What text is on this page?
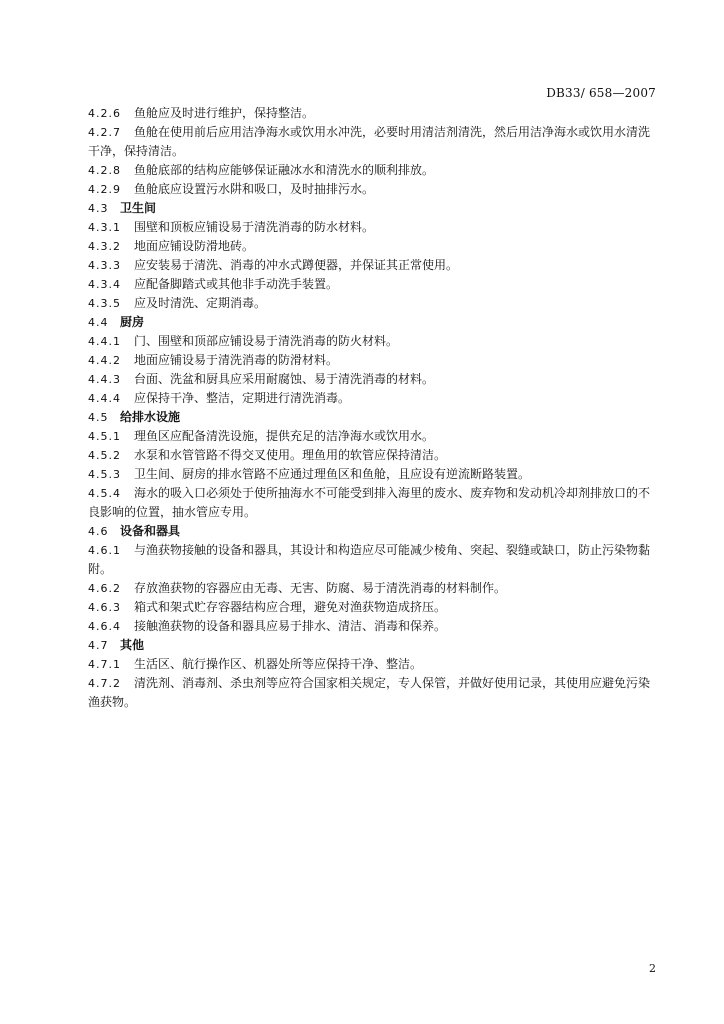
DB33/ 658—2007
4.2.6 鱼舱应及时进行维护，保持整洁。
4.2.7 鱼舱在使用前后应用洁净海水或饮用水冲洗，必要时用清洁剂清洗，然后用洁净海水或饮用水清洗干净，保持清洁。
4.2.8 鱼舱底部的结构应能够保证融冰水和清洗水的顺利排放。
4.2.9 鱼舱底应设置污水阱和吸口，及时抽排污水。
4.3 卫生间
4.3.1 围壁和顶板应铺设易于清洗消毒的防水材料。
4.3.2 地面应铺设防滑地砖。
4.3.3 应安装易于清洗、消毒的冲水式蹲便器，并保证其正常使用。
4.3.4 应配备脚踏式或其他非手动洗手装置。
4.3.5 应及时清洗、定期消毒。
4.4 厨房
4.4.1 门、围壁和顶部应铺设易于清洗消毒的防火材料。
4.4.2 地面应铺设易于清洗消毒的防滑材料。
4.4.3 台面、洗盆和厨具应采用耐腐蚀、易于清洗消毒的材料。
4.4.4 应保持干净、整洁，定期进行清洗消毒。
4.5 给排水设施
4.5.1 理鱼区应配备清洗设施，提供充足的洁净海水或饮用水。
4.5.2 水泵和水管管路不得交叉使用。理鱼用的软管应保持清洁。
4.5.3 卫生间、厨房的排水管路不应通过理鱼区和鱼舱，且应设有逆流断路装置。
4.5.4 海水的吸入口必须处于使所抽海水不可能受到排入海里的废水、废弃物和发动机冷却剂排放口的不良影响的位置，抽水管应专用。
4.6 设备和器具
4.6.1 与渔获物接触的设备和器具，其设计和构造应尽可能减少棱角、突起、裂缝或缺口，防止污染物黏附。
4.6.2 存放渔获物的容器应由无毒、无害、防腐、易于清洗消毒的材料制作。
4.6.3 箱式和架式贮存容器结构应合理，避免对渔获物造成挤压。
4.6.4 接触渔获物的设备和器具应易于排水、清洁、消毒和保养。
4.7 其他
4.7.1 生活区、航行操作区、机器处所等应保持干净、整洁。
4.7.2 清洗剂、消毒剂、杀虫剂等应符合国家相关规定，专人保管，并做好使用记录，其使用应避免污染渔获物。
2
